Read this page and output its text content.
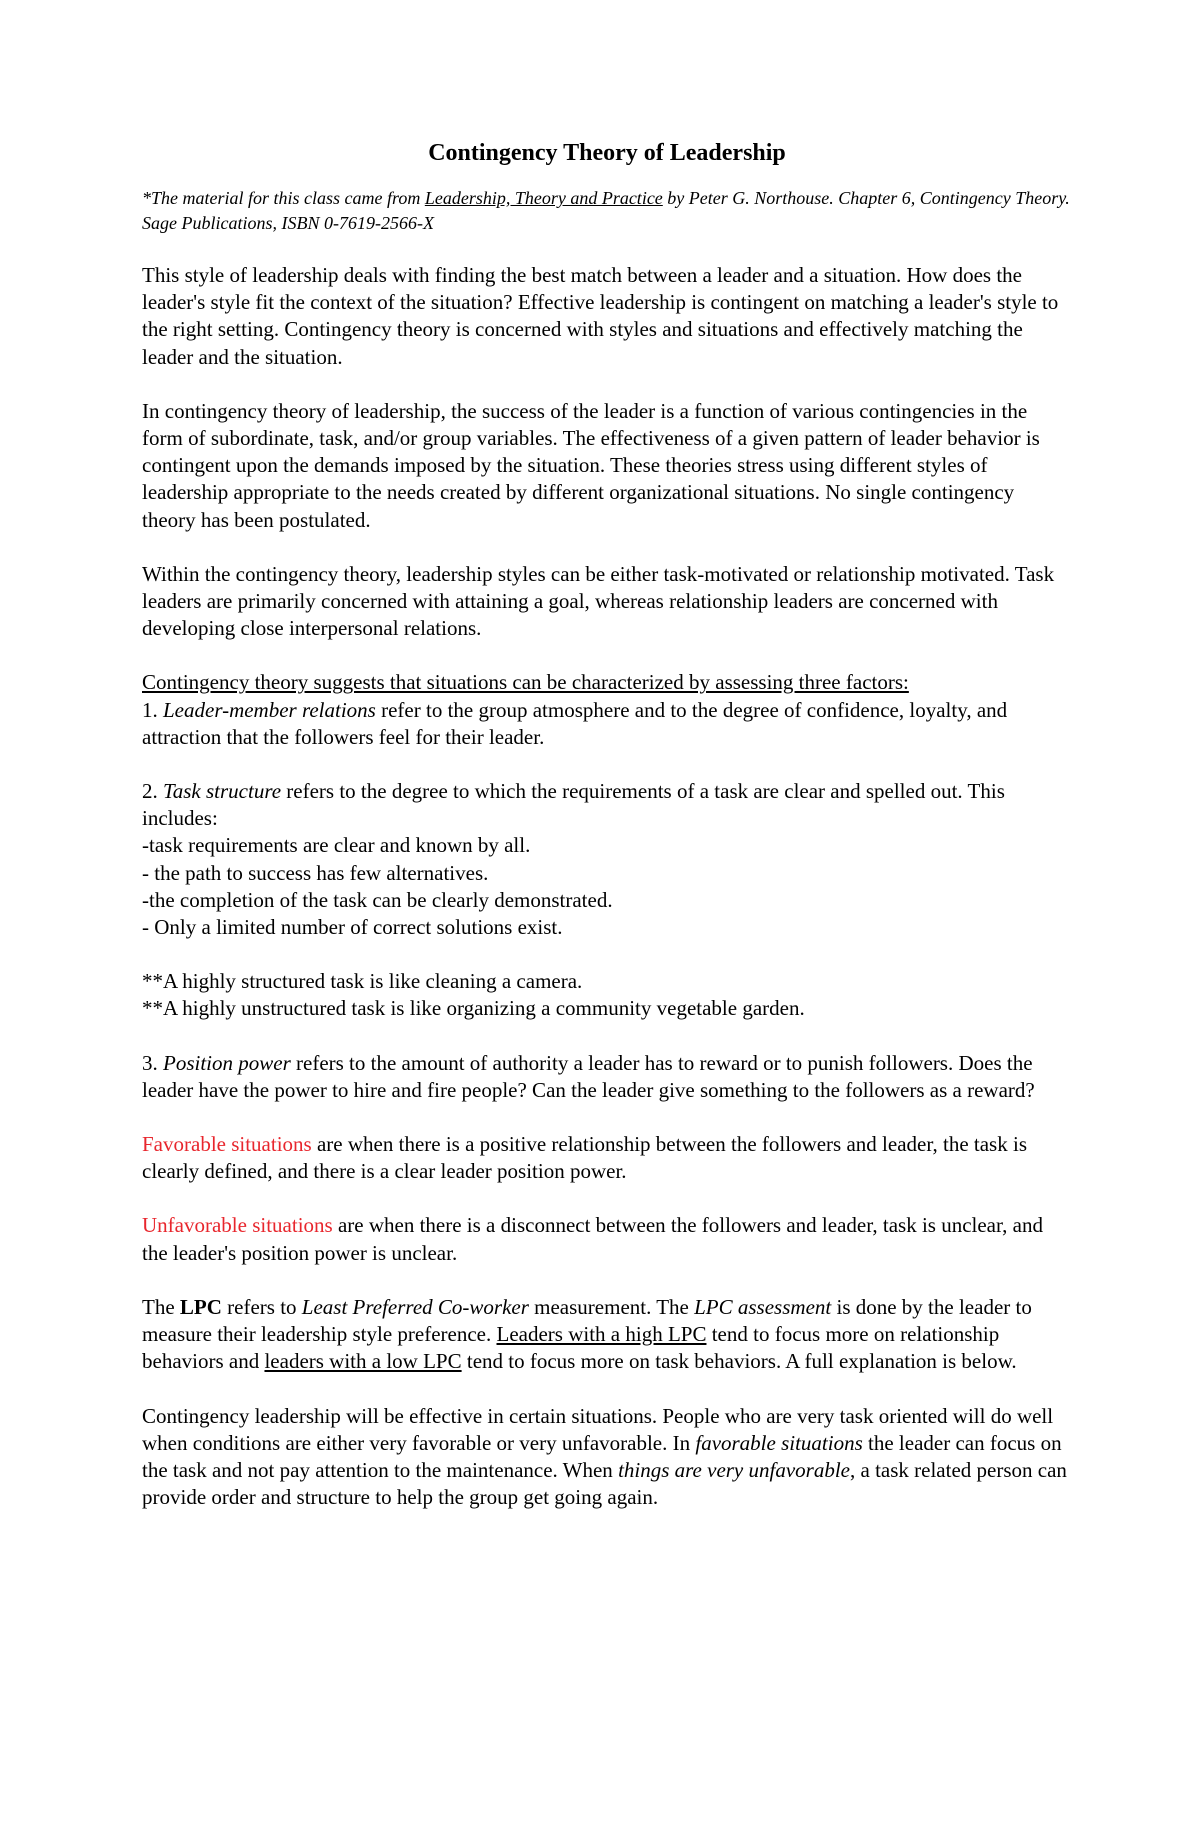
Contingency Theory of Leadership
*The material for this class came from Leadership, Theory and Practice by Peter G. Northouse. Chapter 6, Contingency Theory. Sage Publications, ISBN 0-7619-2566-X

This style of leadership deals with finding the best match between a leader and a situation. How does the leader's style fit the context of the situation? Effective leadership is contingent on matching a leader's style to the right setting. Contingency theory is concerned with styles and situations and effectively matching the leader and the situation.

In contingency theory of leadership, the success of the leader is a function of various contingencies in the form of subordinate, task, and/or group variables. The effectiveness of a given pattern of leader behavior is contingent upon the demands imposed by the situation. These theories stress using different styles of leadership appropriate to the needs created by different organizational situations. No single contingency theory has been postulated.

Within the contingency theory, leadership styles can be either task-motivated or relationship motivated. Task leaders are primarily concerned with attaining a goal, whereas relationship leaders are concerned with developing close interpersonal relations.

Contingency theory suggests that situations can be characterized by assessing three factors:
1. Leader-member relations refer to the group atmosphere and to the degree of confidence, loyalty, and attraction that the followers feel for their leader.

2. Task structure refers to the degree to which the requirements of a task are clear and spelled out. This includes:
-task requirements are clear and known by all.
- the path to success has few alternatives.
-the completion of the task can be clearly demonstrated.
- Only a limited number of correct solutions exist.

**A highly structured task is like cleaning a camera.
**A highly unstructured task is like organizing a community vegetable garden.

3. Position power refers to the amount of authority a leader has to reward or to punish followers. Does the leader have the power to hire and fire people? Can the leader give something to the followers as a reward?

Favorable situations are when there is a positive relationship between the followers and leader, the task is clearly defined, and there is a clear leader position power.

Unfavorable situations are when there is a disconnect between the followers and leader, task is unclear, and the leader's position power is unclear.

The LPC refers to Least Preferred Co-worker measurement. The LPC assessment is done by the leader to measure their leadership style preference. Leaders with a high LPC tend to focus more on relationship behaviors and leaders with a low LPC tend to focus more on task behaviors. A full explanation is below.

Contingency leadership will be effective in certain situations. People who are very task oriented will do well when conditions are either very favorable or very unfavorable. In favorable situations the leader can focus on the task and not pay attention to the maintenance. When things are very unfavorable, a task related person can provide order and structure to help the group get going again.
